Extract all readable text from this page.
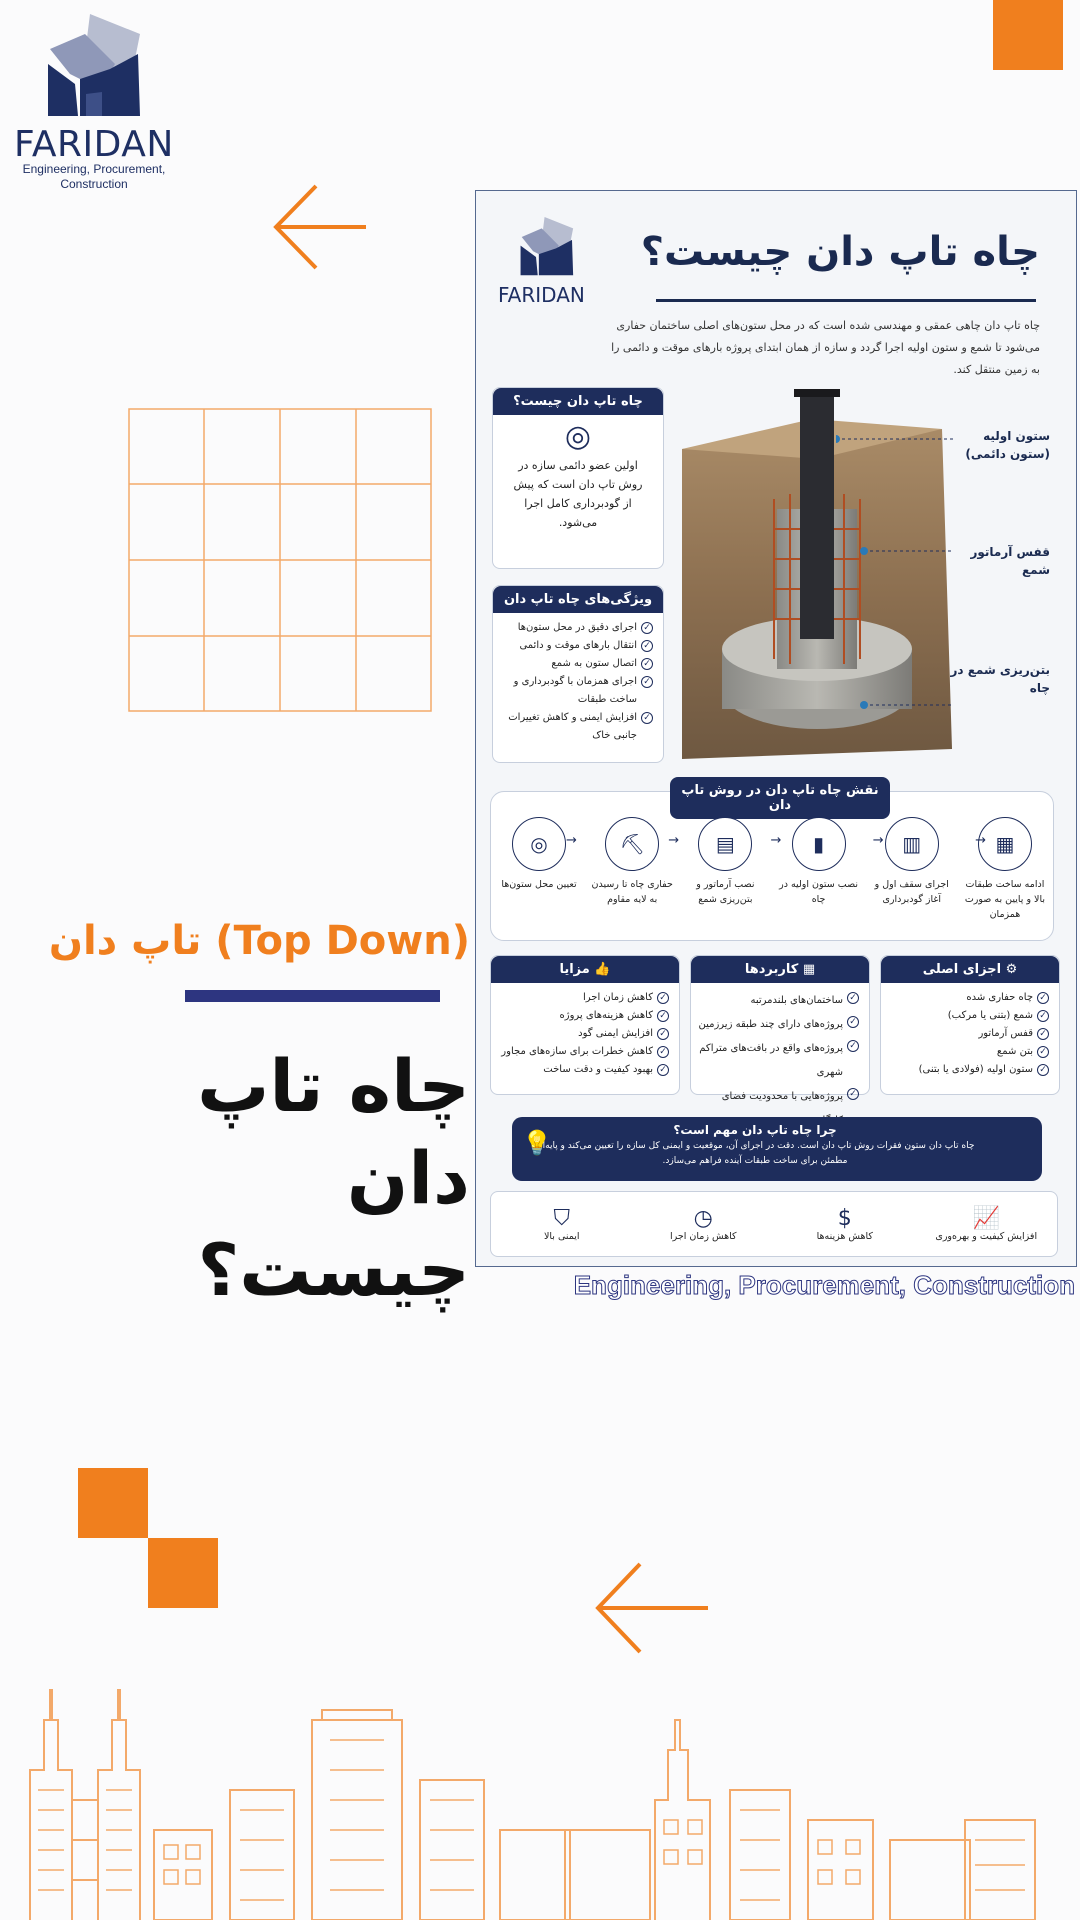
FARIDAN
Engineering, Procurement, Construction
تاپ دان (Top Down)
چاه تاپ دان چیست؟
FARIDAN
چاه تاپ دان چیست؟
چاه تاپ دان چاهی عمقی و مهندسی شده است که در محل ستون‌های اصلی ساختمان حفاری می‌شود تا شمع و ستون اولیه اجرا گردد و سازه از همان ابتدای پروژه بارهای موقت و دائمی را به زمین منتقل کند.
چاه تاپ دان چیست؟
◎
اولین عضو دائمی سازه در روش تاپ دان است که پیش از گودبرداری کامل اجرا می‌شود.
ویژگی‌های چاه تاپ دان
✓ اجرای دقیق در محل ستون‌ها
✓ انتقال بارهای موقت و دائمی
✓ اتصال ستون به شمع
✓ اجرای همزمان با گودبرداری و ساخت طبقات
✓ افزایش ایمنی و کاهش تغییرات جانبی خاک
ستون اولیه (ستون دائمی)
قفس آرماتور شمع
بتن‌ریزی شمع در چاه
نقش چاه تاپ دان در روش تاپ دان
▦
ادامه ساخت طبقات بالا و پایین به صورت همزمان
▥
اجرای سقف اول و آغاز گودبرداری
▮
نصب ستون اولیه در چاه
▤
نصب آرماتور و بتن‌ریزی شمع
⛏
حفاری چاه تا رسیدن به لایه مقاوم
◎
تعیین محل ستون‌ها
→	→	→	→	→
⚙ اجزای اصلی
✓ چاه حفاری شده
✓ شمع (بتنی یا مرکب)
✓ قفس آرماتور
✓ بتن شمع
✓ ستون اولیه (فولادی یا بتنی)
▦ کاربردها
✓ ساختمان‌های بلندمرتبه
✓ پروژه‌های دارای چند طبقه زیرزمین
✓ پروژه‌های واقع در بافت‌های متراکم شهری
✓ پروژه‌هایی با محدودیت فضای
👍 مزایا
✓ کاهش زمان اجرا
✓ کاهش هزینه‌های پروژه
✓ افزایش ایمنی گود
✓ کاهش خطرات برای سازه‌های مجاور
✓ بهبود کیفیت و دقت ساخت
چرا چاه تاپ دان مهم است؟
چاه تاپ دان ستون فقرات روش تاپ دان است. دقت در اجرای آن، موقعیت و ایمنی کل سازه را تعیین می‌کند و پایه‌ای مطمئن برای ساخت طبقات آینده فراهم می‌سازد.
💡
📈
افزایش کیفیت و بهره‌وری
$
کاهش هزینه‌ها
◷
کاهش زمان اجرا
⛉
ایمنی بالا
Engineering, Procurement, Construction
